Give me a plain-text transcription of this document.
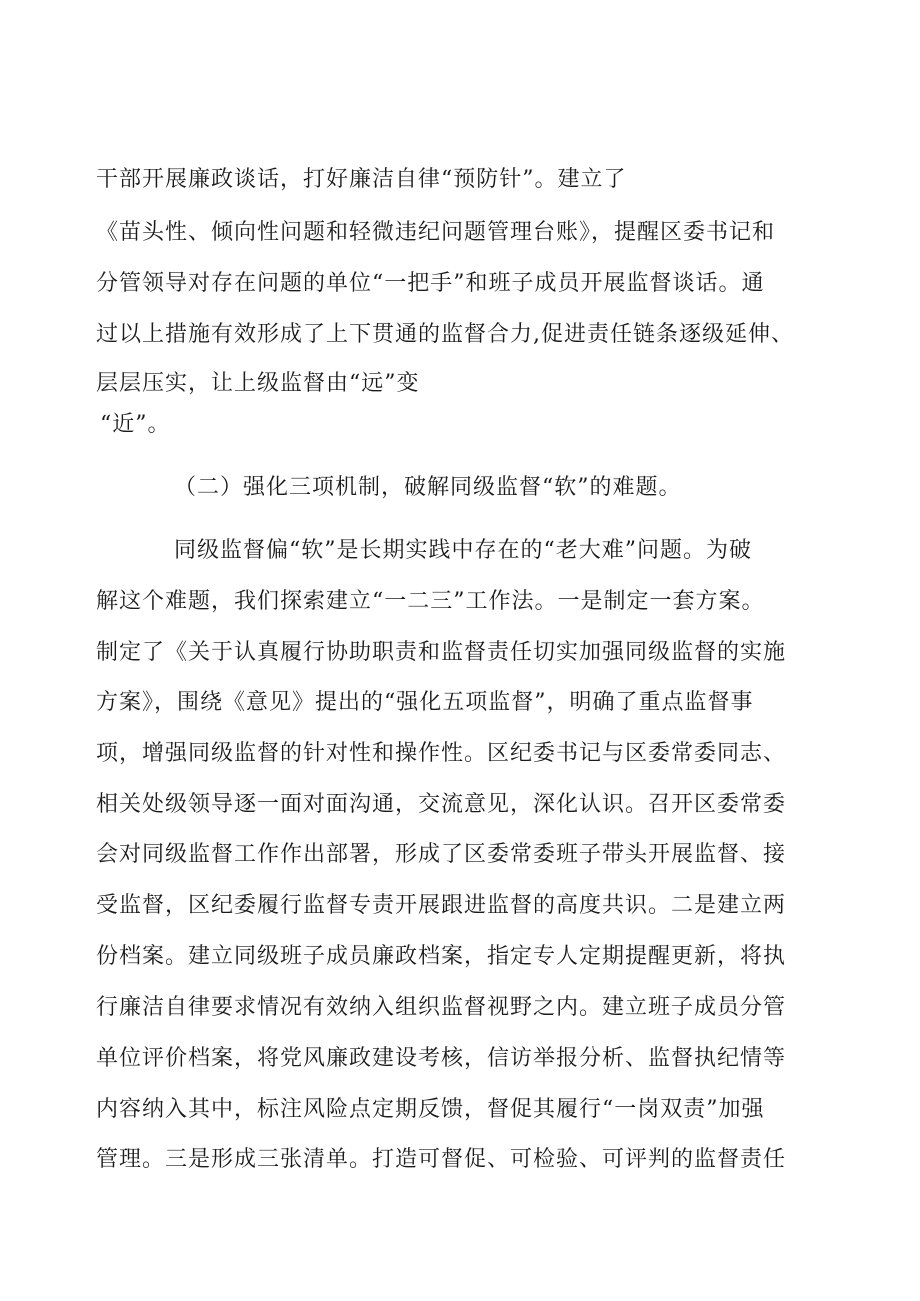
干部开展廉政谈话，打好廉洁自律“预防针”。建立了
《苗头性、倾向性问题和轻微违纪问题管理台账》，提醒区委书记和
分管领导对存在问题的单位“一把手”和班子成员开展监督谈话。通
过以上措施有效形成了上下贯通的监督合力,促进责任链条逐级延伸、
层层压实，让上级监督由“远”变
“近”。
（二）强化三项机制，破解同级监督“软”的难题。
同级监督偏“软”是长期实践中存在的“老大难”问题。为破
解这个难题，我们探索建立“一二三”工作法。一是制定一套方案。
制定了《关于认真履行协助职责和监督责任切实加强同级监督的实施
方案》，围绕《意见》提出的“强化五项监督”，明确了重点监督事
项，增强同级监督的针对性和操作性。区纪委书记与区委常委同志、
相关处级领导逐一面对面沟通，交流意见，深化认识。召开区委常委
会对同级监督工作作出部署，形成了区委常委班子带头开展监督、接
受监督，区纪委履行监督专责开展跟进监督的高度共识。二是建立两
份档案。建立同级班子成员廉政档案，指定专人定期提醒更新，将执
行廉洁自律要求情况有效纳入组织监督视野之内。建立班子成员分管
单位评价档案，将党风廉政建设考核，信访举报分析、监督执纪情等
内容纳入其中，标注风险点定期反馈，督促其履行“一岗双责”加强
管理。三是形成三张清单。打造可督促、可检验、可评判的监督责任
